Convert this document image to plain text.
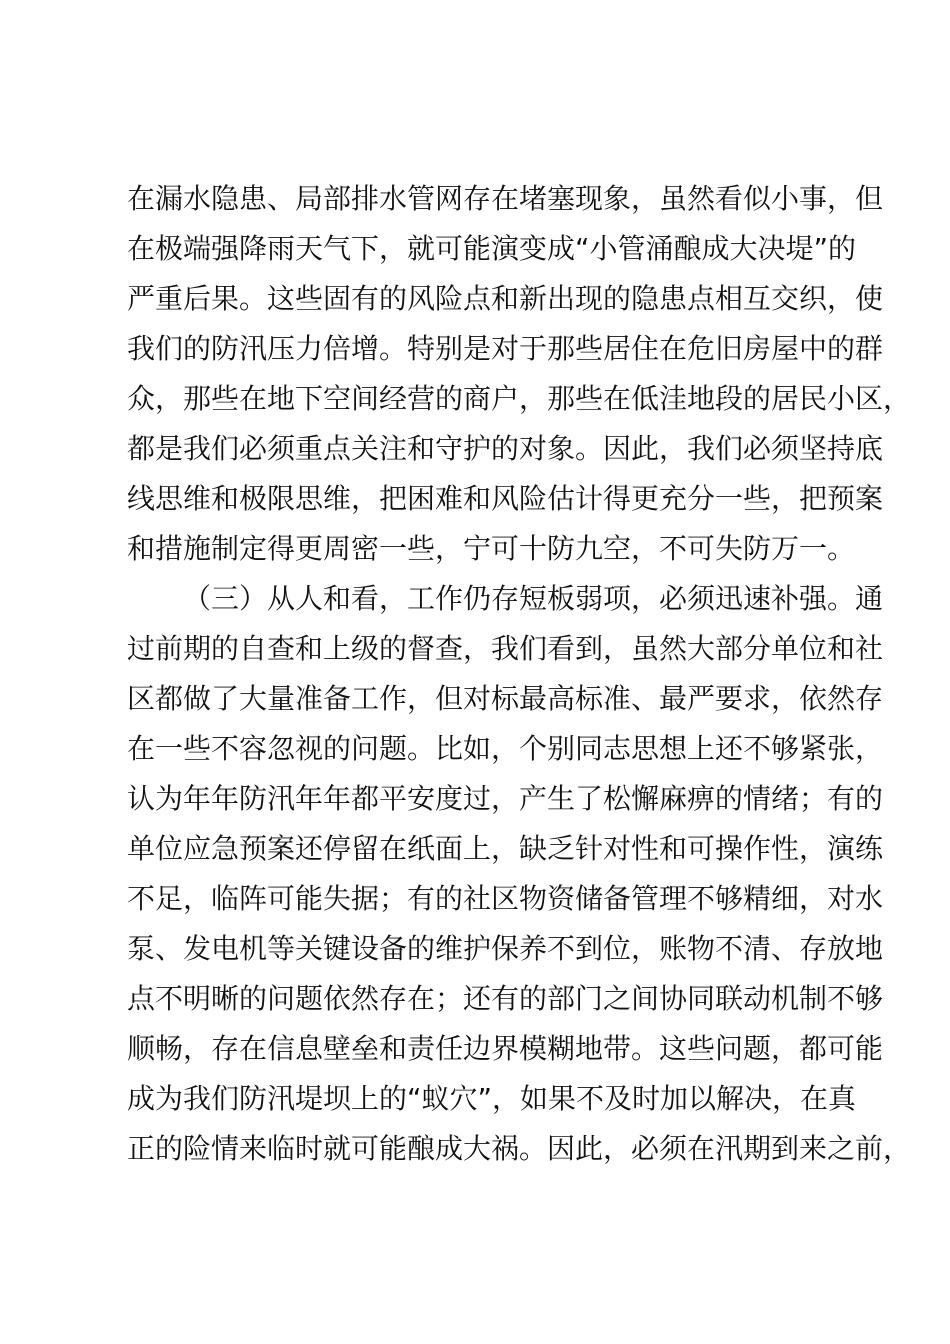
在漏水隐患、局部排水管网存在堵塞现象，虽然看似小事，但
在极端强降雨天气下，就可能演变成“小管涌酿成大决堤”的
严重后果。这些固有的风险点和新出现的隐患点相互交织，使
我们的防汛压力倍增。特别是对于那些居住在危旧房屋中的群
众，那些在地下空间经营的商户，那些在低洼地段的居民小区，
都是我们必须重点关注和守护的对象。因此，我们必须坚持底
线思维和极限思维，把困难和风险估计得更充分一些，把预案
和措施制定得更周密一些，宁可十防九空，不可失防万一。
（三）从人和看，工作仍存短板弱项，必须迅速补强。通
过前期的自查和上级的督查，我们看到，虽然大部分单位和社
区都做了大量准备工作，但对标最高标准、最严要求，依然存
在一些不容忽视的问题。比如，个别同志思想上还不够紧张，
认为年年防汛年年都平安度过，产生了松懈麻痹的情绪；有的
单位应急预案还停留在纸面上，缺乏针对性和可操作性，演练
不足，临阵可能失据；有的社区物资储备管理不够精细，对水
泵、发电机等关键设备的维护保养不到位，账物不清、存放地
点不明晰的问题依然存在；还有的部门之间协同联动机制不够
顺畅，存在信息壁垒和责任边界模糊地带。这些问题，都可能
成为我们防汛堤坝上的“蚁穴”，如果不及时加以解决，在真
正的险情来临时就可能酿成大祸。因此，必须在汛期到来之前，
